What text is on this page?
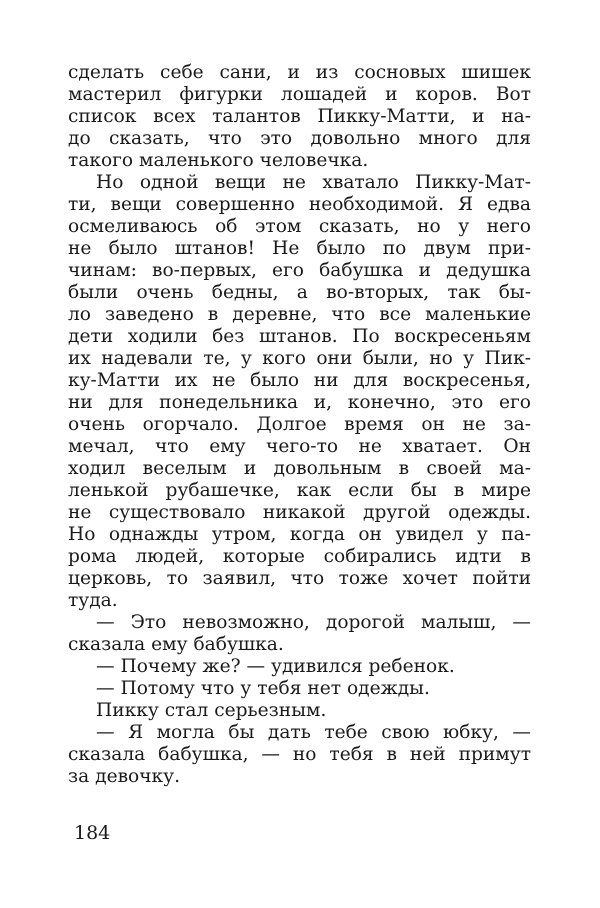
сделать себе сани, и из сосновых шишек
мастерил фигурки лошадей и коров. Вот
список всех талантов Пикку-Матти, и на-
до сказать, что это довольно много для
такого маленького человечка.
Но одной вещи не хватало Пикку-Мат-
ти, вещи совершенно необходимой. Я едва
осмеливаюсь об этом сказать, но у него
не было штанов! Не было по двум при-
чинам: во-первых, его бабушка и дедушка
были очень бедны, а во-вторых, так бы-
ло заведено в деревне, что все маленькие
дети ходили без штанов. По воскресеньям
их надевали те, у кого они были, но у Пик-
ку-Матти их не было ни для воскресенья,
ни для понедельника и, конечно, это его
очень огорчало. Долгое время он не за-
мечал, что ему чего-то не хватает. Он
ходил веселым и довольным в своей ма-
ленькой рубашечке, как если бы в мире
не существовало никакой другой одежды.
Но однажды утром, когда он увидел у па-
рома людей, которые собирались идти в
церковь, то заявил, что тоже хочет пойти
туда.
— Это невозможно, дорогой малыш, —
сказала ему бабушка.
— Почему же? — удивился ребенок.
— Потому что у тебя нет одежды.
Пикку стал серьезным.
— Я могла бы дать тебе свою юбку, —
сказала бабушка, — но тебя в ней примут
за девочку.
184
